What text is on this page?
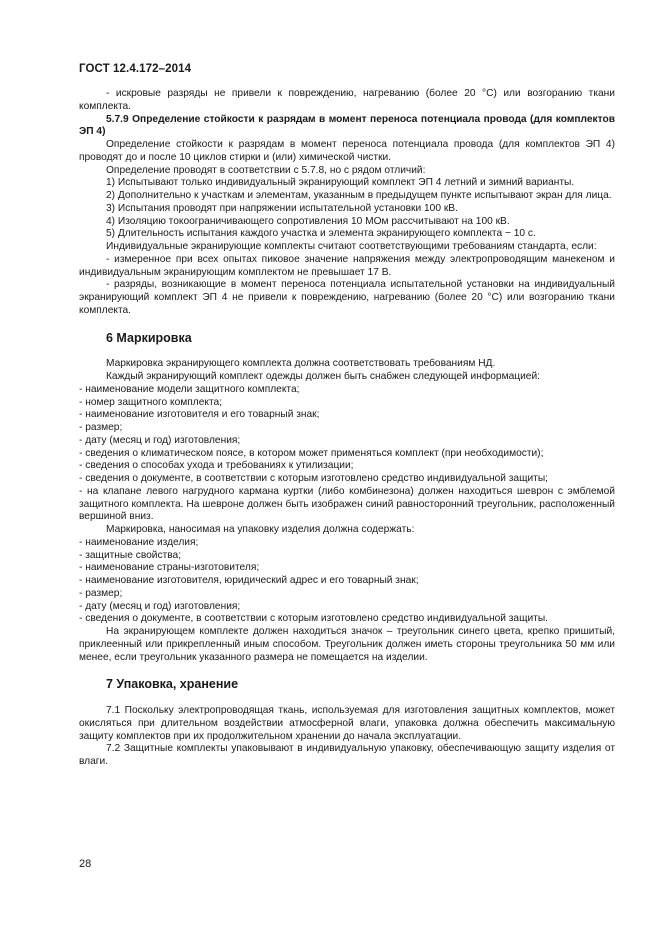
ГОСТ 12.4.172–2014

- искровые разряды не привели к повреждению, нагреванию (более 20 °С) или возгоранию ткани комплекта.

5.7.9 Определение стойкости к разрядам в момент переноса потенциала провода (для комплектов ЭП 4)

Определение стойкости к разрядам в момент переноса потенциала провода (для комплектов ЭП 4) проводят до и после 10 циклов стирки и (или) химической чистки.

Определение проводят в соответствии с 5.7.8, но с рядом отличий:

1) Испытывают только индивидуальный экранирующий комплект ЭП 4 летний и зимний варианты.

2) Дополнительно к участкам и элементам, указанным в предыдущем пункте испытывают экран для лица.

3) Испытания проводят при напряжении испытательной установки 100 кВ.

4) Изоляцию токоограничивающего сопротивления 10 МОм рассчитывают на 100 кВ.

5) Длительность испытания каждого участка и элемента экранирующего комплекта − 10 с.

Индивидуальные экранирующие комплекты считают соответствующими требованиям стандарта, если:

- измеренное при всех опытах пиковое значение напряжения между электропроводящим манекеном и индивидуальным экранирующим комплектом не превышает 17 В.

- разряды, возникающие в момент переноса потенциала испытательной установки на индивидуальный экранирующий комплект ЭП 4 не привели к повреждению, нагреванию (более 20 °С) или возгоранию ткани комплекта.

6 Маркировка

Маркировка экранирующего комплекта должна соответствовать требованиям НД.

Каждый экранирующий комплект одежды должен быть снабжен следующей информацией:

- наименование модели защитного комплекта;

- номер защитного комплекта;

- наименование изготовителя и его товарный знак;

- размер;

- дату (месяц и год) изготовления;

- сведения о климатическом поясе, в котором может применяться комплект (при необходимости);

- сведения о способах ухода и требованиях к утилизации;

- сведения о документе, в соответствии с которым изготовлено средство индивидуальной защиты;

- на клапане левого нагрудного кармана куртки (либо комбинезона) должен находиться шеврон с эмблемой защитного комплекта. На шевроне должен быть изображен синий равносторонний треугольник, расположенный вершиной вниз.

Маркировка, наносимая на упаковку изделия должна содержать:

- наименование изделия;

- защитные свойства;

- наименование страны-изготовителя;

- наименование изготовителя, юридический адрес и его товарный знак;

- размер;

- дату (месяц и год) изготовления;

- сведения о документе, в соответствии с которым изготовлено средство индивидуальной защиты.

На экранирующем комплекте должен находиться значок – треугольник синего цвета, крепко пришитый, приклеенный или прикрепленный иным способом. Треугольник должен иметь стороны треугольника 50 мм или менее, если треугольник указанного размера не помещается на изделии.

7 Упаковка, хранение

7.1 Поскольку электропроводящая ткань, используемая для изготовления защитных комплектов, может окисляться при длительном воздействии атмосферной влаги, упаковка должна обеспечить максимальную защиту комплектов при их продолжительном хранении до начала эксплуатации.

7.2 Защитные комплекты упаковывают в индивидуальную упаковку, обеспечивающую защиту изделия от влаги.

28
